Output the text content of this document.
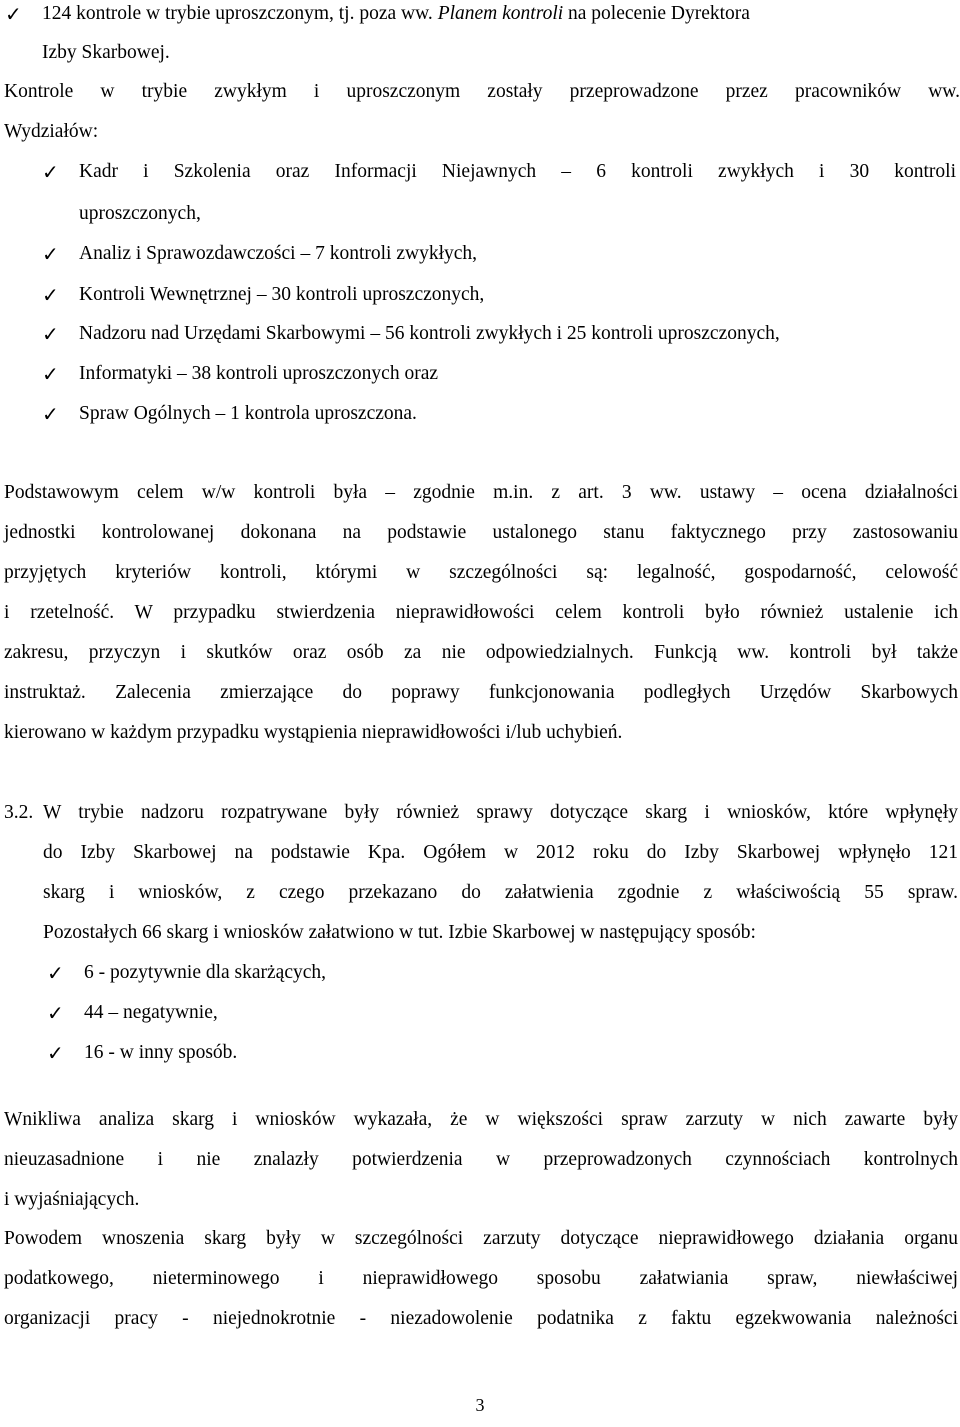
✓ 124 kontrole w trybie uproszczonym, tj. poza ww. Planem kontroli na polecenie Dyrektora
Izby Skarbowej.
Kontrole w trybie zwykłym i uproszczonym zostały przeprowadzone przez pracowników ww.
Wydziałów:
✓ Kadr i Szkolenia oraz Informacji Niejawnych – 6 kontroli zwykłych i 30 kontroli
uproszczonych,
✓ Analiz i Sprawozdawczości – 7 kontroli zwykłych,
✓ Kontroli Wewnętrznej – 30 kontroli uproszczonych,
✓ Nadzoru nad Urzędami Skarbowymi – 56 kontroli zwykłych i 25 kontroli uproszczonych,
✓ Informatyki – 38 kontroli uproszczonych oraz
✓ Spraw Ogólnych – 1 kontrola uproszczona.
Podstawowym celem w/w kontroli była – zgodnie m.in. z art. 3 ww. ustawy – ocena działalności
jednostki kontrolowanej dokonana na podstawie ustalonego stanu faktycznego przy zastosowaniu
przyjętych kryteriów kontroli, którymi w szczególności są: legalność, gospodarność, celowość
i rzetelność. W przypadku stwierdzenia nieprawidłowości celem kontroli było również ustalenie ich
zakresu, przyczyn i skutków oraz osób za nie odpowiedzialnych. Funkcją ww. kontroli był także
instruktaż. Zalecenia zmierzające do poprawy funkcjonowania podległych Urzędów Skarbowych
kierowano w każdym przypadku wystąpienia nieprawidłowości i/lub uchybień.
3.2. W trybie nadzoru rozpatrywane były również sprawy dotyczące skarg i wniosków, które wpłynęły
do Izby Skarbowej na podstawie Kpa. Ogółem w 2012 roku do Izby Skarbowej wpłynęło 121
skarg i wniosków, z czego przekazano do załatwienia zgodnie z właściwością 55 spraw.
Pozostałych 66 skarg i wniosków załatwiono w tut. Izbie Skarbowej w następujący sposób:
✓ 6 - pozytywnie dla skarżących,
✓ 44 – negatywnie,
✓ 16 - w inny sposób.
Wnikliwa analiza skarg i wniosków wykazała, że w większości spraw zarzuty w nich zawarte były
nieuzasadnione i nie znalazły potwierdzenia w przeprowadzonych czynnościach kontrolnych
i wyjaśniających.
Powodem wnoszenia skarg były w szczególności zarzuty dotyczące nieprawidłowego działania organu
podatkowego, nieterminowego i nieprawidłowego sposobu załatwiania spraw, niewłaściwej
organizacji pracy - niejednokrotnie - niezadowolenie podatnika z faktu egzekwowania należności
3
